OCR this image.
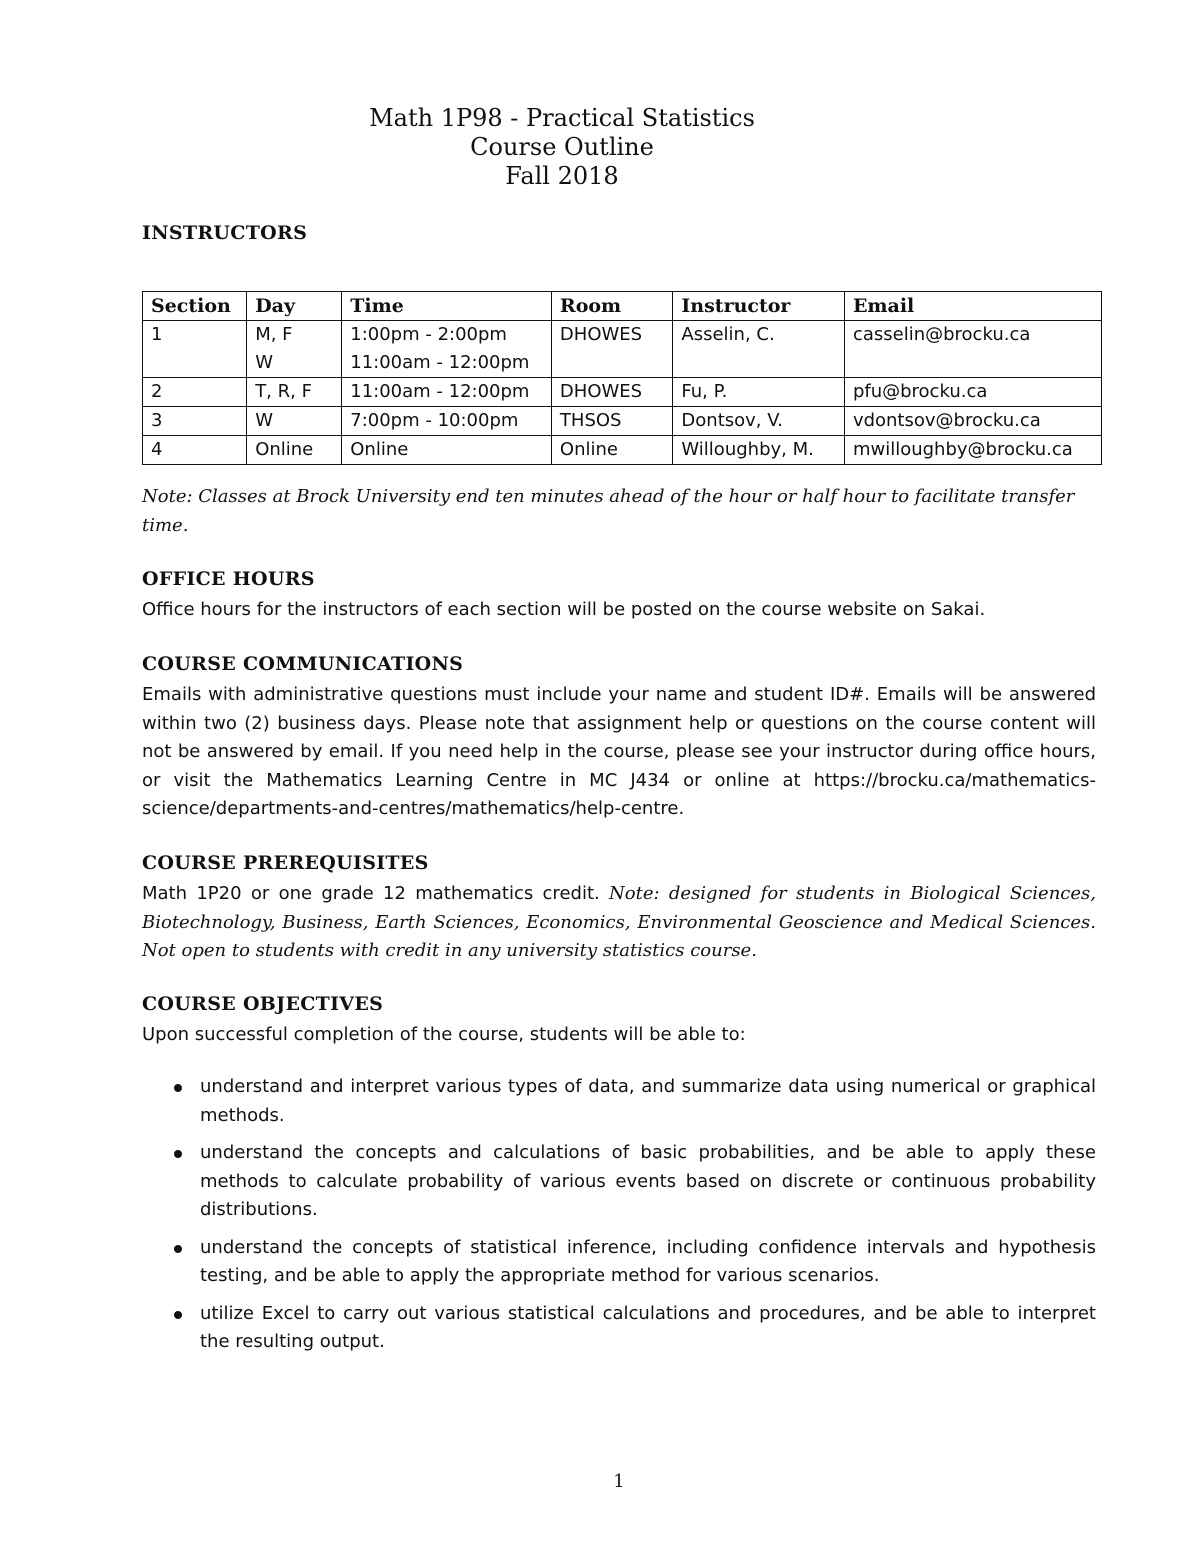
Math 1P98 - Practical Statistics
Course Outline
Fall 2018
INSTRUCTORS
Section	Day	Time	Room	Instructor	Email
1	M, F	1:00pm - 2:00pm	DHOWES	Asselin, C.	casselin@brocku.ca
	W	11:00am - 12:00pm			
2	T, R, F	11:00am - 12:00pm	DHOWES	Fu, P.	pfu@brocku.ca
3	W	7:00pm - 10:00pm	THSOS	Dontsov, V.	vdontsov@brocku.ca
4	Online	Online	Online	Willoughby, M.	mwilloughby@brocku.ca
Note: Classes at Brock University end ten minutes ahead of the hour or half hour to facilitate transfer time.
OFFICE HOURS
Office hours for the instructors of each section will be posted on the course website on Sakai.
COURSE COMMUNICATIONS
Emails with administrative questions must include your name and student ID#. Emails will be answered within two (2) business days. Please note that assignment help or questions on the course content will not be answered by email. If you need help in the course, please see your instructor during office hours, or visit the Mathematics Learning Centre in MC J434 or online at https://brocku.ca/mathematics-science/departments-and-centres/mathematics/help-centre.
COURSE PREREQUISITES
Math 1P20 or one grade 12 mathematics credit. Note: designed for students in Biological Sciences, Biotechnology, Business, Earth Sciences, Economics, Environmental Geoscience and Medical Sciences. Not open to students with credit in any university statistics course.
COURSE OBJECTIVES
Upon successful completion of the course, students will be able to:
understand and interpret various types of data, and summarize data using numerical or graphical methods.
understand the concepts and calculations of basic probabilities, and be able to apply these methods to calculate probability of various events based on discrete or continuous probability distributions.
understand the concepts of statistical inference, including confidence intervals and hypothesis testing, and be able to apply the appropriate method for various scenarios.
utilize Excel to carry out various statistical calculations and procedures, and be able to interpret the resulting output.
1
